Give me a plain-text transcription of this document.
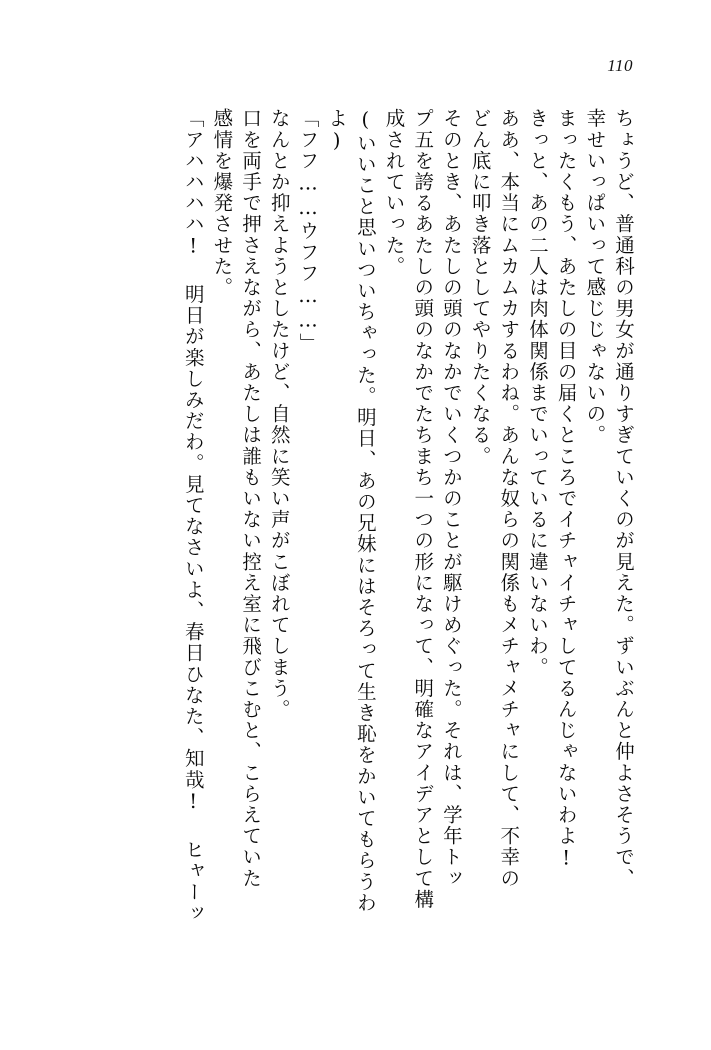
110
ちょうど、普通科の男女が通りすぎていくのが見えた。ずいぶんと仲よさそうで、
幸せいっぱいって感じじゃないの。
まったくもう、あたしの目の届くところでイチャイチャしてるんじゃないわよ!
きっと、あの二人は肉体関係までいっているに違いないわ。
ああ、本当にムカムカするわね。あんな奴らの関係もメチャメチャにして、不幸の
どん底に叩き落としてやりたくなる。
そのとき、あたしの頭のなかでいくつかのことが駆けめぐった。それは、学年トッ
プ五を誇るあたしの頭のなかでたちまち一つの形になって、明確なアイデアとして構
成されていった。
(いいこと思いついちゃった。明日、あの兄妹にはそろって生き恥をかいてもらうわ
よ)
「フフ……ウフフ……」
なんとか抑えようとしたけど、自然に笑い声がこぼれてしまう。
口を両手で押さえながら、あたしは誰もいない控え室に飛びこむと、こらえていた
感情を爆発させた。
「アハハハハ! 明日が楽しみだわ。見てなさいよ、春日ひなた、知哉! ヒャーッ
